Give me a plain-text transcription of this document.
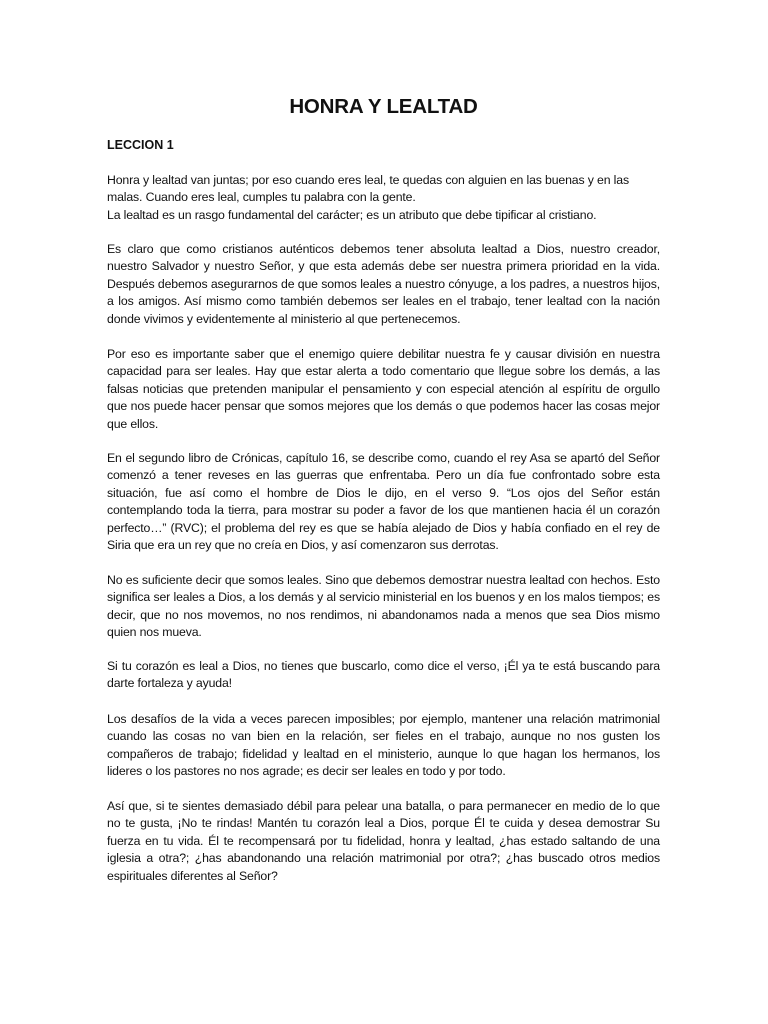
HONRA Y LEALTAD
LECCION 1

Honra y lealtad van juntas; por eso cuando eres leal, te quedas con alguien en las buenas y en las malas. Cuando eres leal, cumples tu palabra con la gente.

La lealtad es un rasgo fundamental del carácter; es un atributo que debe tipificar al cristiano.

Es claro que como cristianos auténticos debemos tener absoluta lealtad a Dios, nuestro creador, nuestro Salvador y nuestro Señor, y que esta además debe ser nuestra primera prioridad en la vida. Después debemos asegurarnos de que somos leales a nuestro cónyuge, a los padres, a nuestros hijos, a los amigos. Así mismo como también debemos ser leales en el trabajo, tener lealtad con la nación donde vivimos y evidentemente al ministerio al que pertenecemos.

Por eso es importante saber que el enemigo quiere debilitar nuestra fe y causar división en nuestra capacidad para ser leales. Hay que estar alerta a todo comentario que llegue sobre los demás, a las falsas noticias que pretenden manipular el pensamiento y con especial atención al espíritu de orgullo que nos puede hacer pensar que somos mejores que los demás o que podemos hacer las cosas mejor que ellos.

En el segundo libro de Crónicas, capítulo 16, se describe como, cuando el rey Asa se apartó del Señor comenzó a tener reveses en las guerras que enfrentaba. Pero un día fue confrontado sobre esta situación, fue así como el hombre de Dios le dijo, en el verso 9. “Los ojos del Señor están contemplando toda la tierra, para mostrar su poder a favor de los que mantienen hacia él un corazón perfecto…” (RVC); el problema del rey es que se había alejado de Dios y había confiado en el rey de Siria que era un rey que no creía en Dios, y así comenzaron sus derrotas.

No es suficiente decir que somos leales. Sino que debemos demostrar nuestra lealtad con hechos. Esto significa ser leales a Dios, a los demás y al servicio ministerial en los buenos y en los malos tiempos; es decir, que no nos movemos, no nos rendimos, ni abandonamos nada a menos que sea Dios mismo quien nos mueva.

Si tu corazón es leal a Dios, no tienes que buscarlo, como dice el verso, ¡Él ya te está buscando para darte fortaleza y ayuda!

Los desafíos de la vida a veces parecen imposibles; por ejemplo, mantener una relación matrimonial cuando las cosas no van bien en la relación, ser fieles en el trabajo, aunque no nos gusten los compañeros de trabajo; fidelidad y lealtad en el ministerio, aunque lo que hagan los hermanos, los lideres o los pastores no nos agrade; es decir ser leales en todo y por todo.

Así que, si te sientes demasiado débil para pelear una batalla, o para permanecer en medio de lo que no te gusta, ¡No te rindas! Mantén tu corazón leal a Dios, porque Él te cuida y desea demostrar Su fuerza en tu vida. Él te recompensará por tu fidelidad, honra y lealtad, ¿has estado saltando de una iglesia a otra?; ¿has abandonando una relación matrimonial por otra?; ¿has buscado otros medios espirituales diferentes al Señor?
